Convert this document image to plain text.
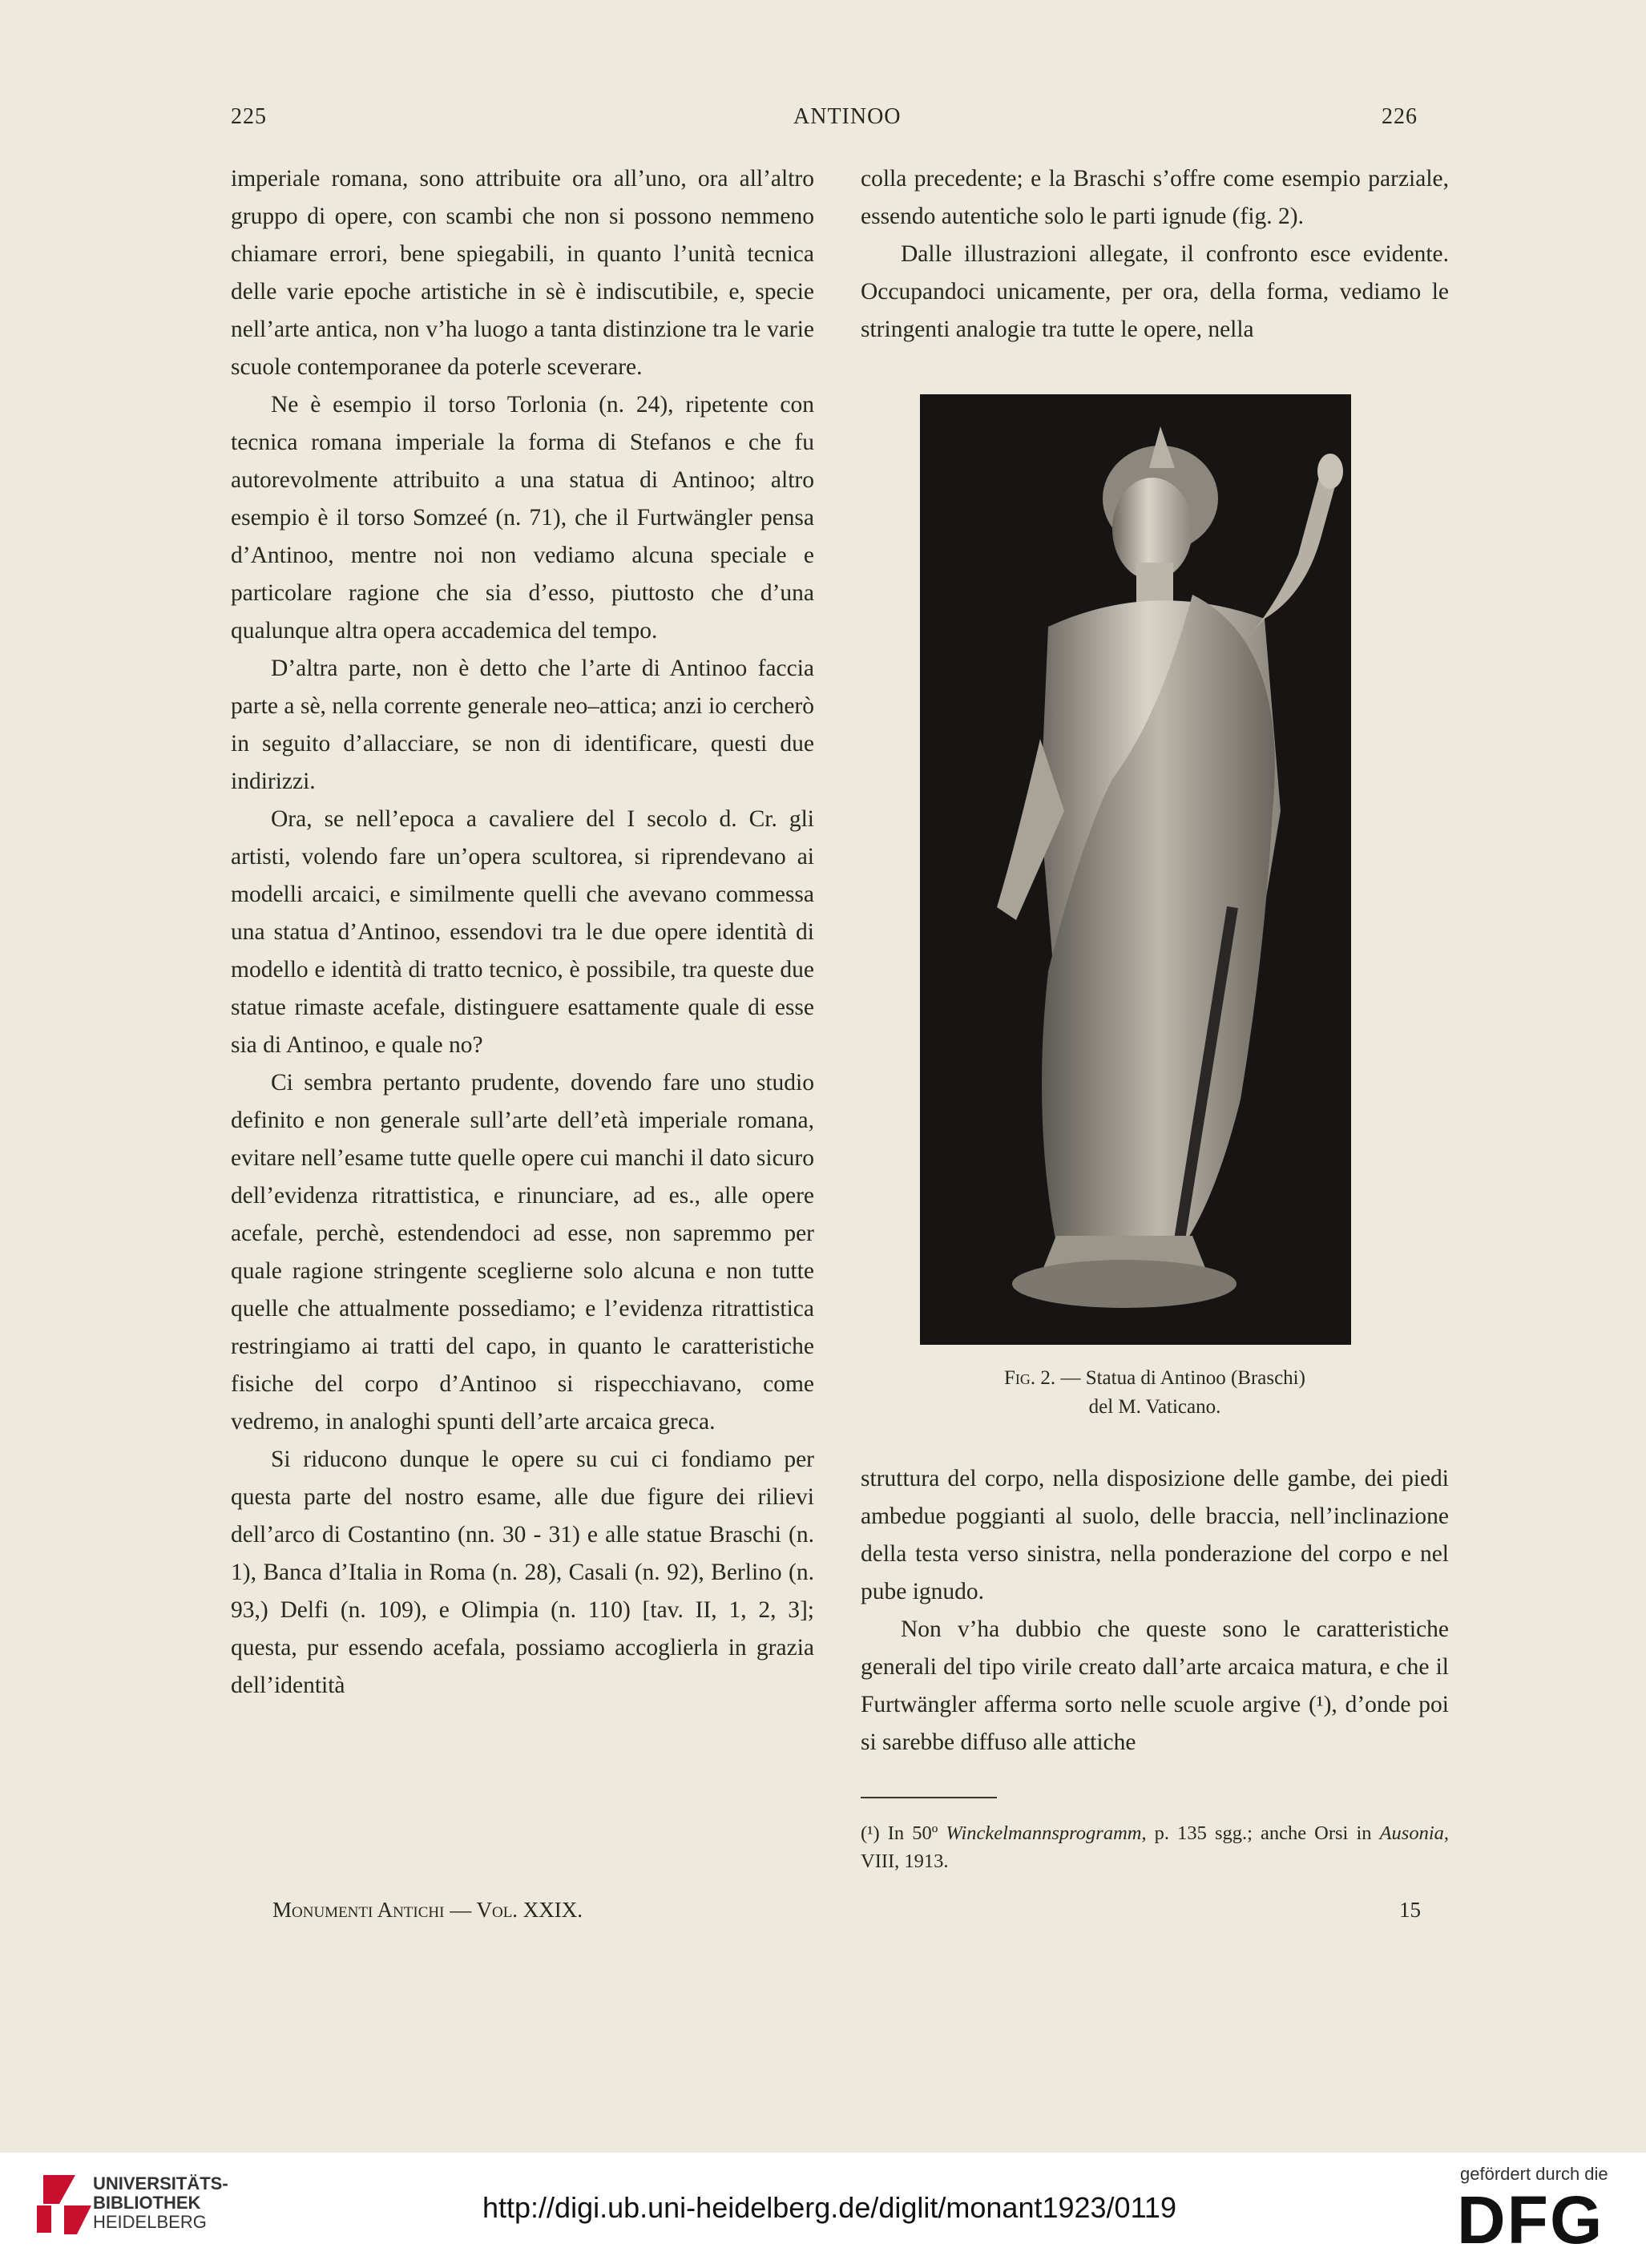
225	ANTINOO	226

imperiale romana, sono attribuite ora all’uno, ora all’altro gruppo di opere, con scambi che non si possono nemmeno chiamare errori, bene spiegabili, in quanto l’unità tecnica delle varie epoche artistiche in sè è indiscutibile, e, specie nell’arte antica, non v’ha luogo a tanta distinzione tra le varie scuole contemporanee da poterle sceverare.

Ne è esempio il torso Torlonia (n. 24), ripetente con tecnica romana imperiale la forma di Stefanos e che fu autorevolmente attribuito a una statua di Antinoo; altro esempio è il torso Somzeé (n. 71), che il Furtwängler pensa d’Antinoo, mentre noi non vediamo alcuna speciale e particolare ragione che sia d’esso, piuttosto che d’una qualunque altra opera accademica del tempo.

D’altra parte, non è detto che l’arte di Antinoo faccia parte a sè, nella corrente generale neo–attica; anzi io cercherò in seguito d’allacciare, se non di identificare, questi due indirizzi.

Ora, se nell’epoca a cavaliere del I secolo d. Cr. gli artisti, volendo fare un’opera scultorea, si riprendevano ai modelli arcaici, e similmente quelli che avevano commessa una statua d’Antinoo, essendovi tra le due opere identità di modello e identità di tratto tecnico, è possibile, tra queste due statue rimaste acefale, distinguere esattamente quale di esse sia di Antinoo, e quale no?

Ci sembra pertanto prudente, dovendo fare uno studio definito e non generale sull’arte dell’età imperiale romana, evitare nell’esame tutte quelle opere cui manchi il dato sicuro dell’evidenza ritrattistica, e rinunciare, ad es., alle opere acefale, perchè, estendendoci ad esse, non sapremmo per quale ragione stringente sceglierne solo alcuna e non tutte quelle che attualmente possediamo; e l’evidenza ritrattistica restringiamo ai tratti del capo, in quanto le caratteristiche fisiche del corpo d’Antinoo si rispecchiavano, come vedremo, in analoghi spunti dell’arte arcaica greca.

Si riducono dunque le opere su cui ci fondiamo per questa parte del nostro esame, alle due figure dei rilievi dell’arco di Costantino (nn. 30 - 31) e alle statue Braschi (n. 1), Banca d’Italia in Roma (n. 28), Casali (n. 92), Berlino (n. 93,) Delfi (n. 109), e Olimpia (n. 110) [tav. II, 1, 2, 3]; questa, pur essendo acefala, possiamo accoglierla in grazia dell’identità

colla precedente; e la Braschi s’offre come esempio parziale, essendo autentiche solo le parti ignude (fig. 2).

Dalle illustrazioni allegate, il confronto esce evidente. Occupandoci unicamente, per ora, della forma, vediamo le stringenti analogie tra tutte le opere, nella

Fig. 2. — Statua di Antinoo (Braschi)
del M. Vaticano.

struttura del corpo, nella disposizione delle gambe, dei piedi ambedue poggianti al suolo, delle braccia, nell’inclinazione della testa verso sinistra, nella ponderazione del corpo e nel pube ignudo.

Non v’ha dubbio che queste sono le caratteristiche generali del tipo virile creato dall’arte arcaica matura, e che il Furtwängler afferma sorto nelle scuole argive (¹), d’onde poi si sarebbe diffuso alle attiche

(¹) In 50º Winckelmannsprogramm, p. 135 sgg.; anche Orsi in Ausonia, VIII, 1913.
Monumenti Antichi — Vol. XXIX.	15
UNIVERSITÄTS-
BIBLIOTHEK
HEIDELBERG	http://digi.ub.uni-heidelberg.de/diglit/monant1923/0119
gefördert durch die
DFG
